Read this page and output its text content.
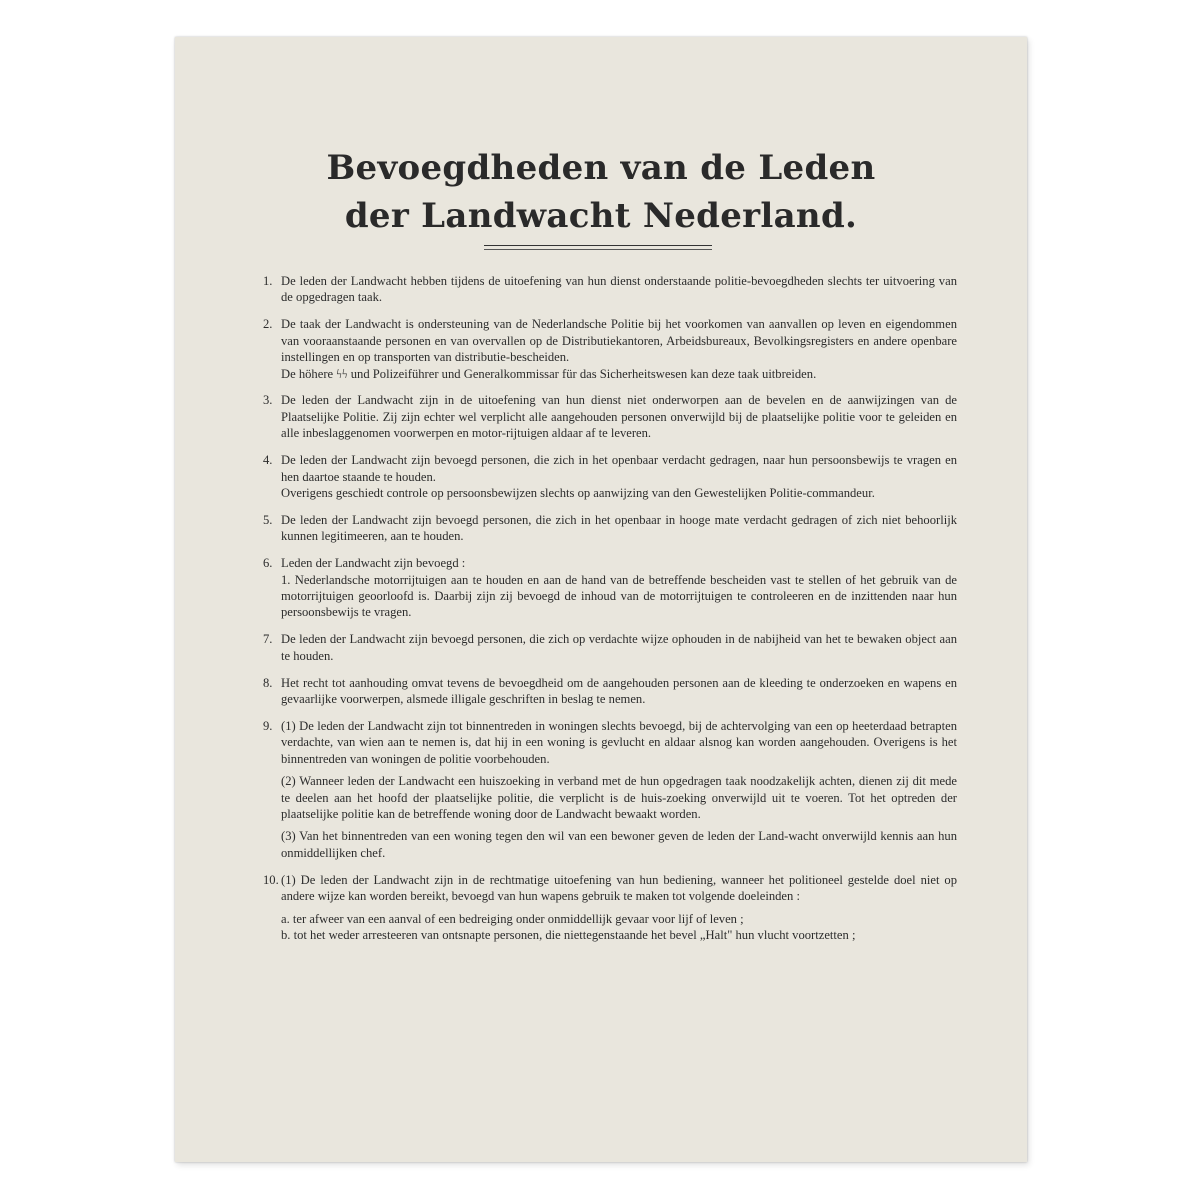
Bevoegdheden van de Leden
der Landwacht Nederland.
1. De leden der Landwacht hebben tijdens de uitoefening van hun dienst onderstaande politie-bevoegdheden slechts ter uitvoering van de opgedragen taak.

2. De taak der Landwacht is ondersteuning van de Nederlandsche Politie bij het voorkomen van aanvallen op leven en eigendommen van vooraanstaande personen en van overvallen op de Distributiekantoren, Arbeidsbureaux, Bevolkingsregisters en andere openbare instellingen en op transporten van distributie-bescheiden.

De höhere ϟϟ und Polizeiführer und Generalkommissar für das Sicherheitswesen kan deze taak uitbreiden.

3. De leden der Landwacht zijn in de uitoefening van hun dienst niet onderworpen aan de bevelen en de aanwijzingen van de Plaatselijke Politie. Zij zijn echter wel verplicht alle aangehouden personen onverwijld bij de plaatselijke politie voor te geleiden en alle inbeslaggenomen voorwerpen en motor-rijtuigen aldaar af te leveren.

4. De leden der Landwacht zijn bevoegd personen, die zich in het openbaar verdacht gedragen, naar hun persoonsbewijs te vragen en hen daartoe staande te houden.

Overigens geschiedt controle op persoonsbewijzen slechts op aanwijzing van den Gewestelijken Politie-commandeur.

5. De leden der Landwacht zijn bevoegd personen, die zich in het openbaar in hooge mate verdacht gedragen of zich niet behoorlijk kunnen legitimeeren, aan te houden.

6. Leden der Landwacht zijn bevoegd :

1. Nederlandsche motorrijtuigen aan te houden en aan de hand van de betreffende bescheiden vast te stellen of het gebruik van de motorrijtuigen geoorloofd is. Daarbij zijn zij bevoegd de inhoud van de motorrijtuigen te controleeren en de inzittenden naar hun persoonsbewijs te vragen.

7. De leden der Landwacht zijn bevoegd personen, die zich op verdachte wijze ophouden in de nabijheid van het te bewaken object aan te houden.

8. Het recht tot aanhouding omvat tevens de bevoegdheid om de aangehouden personen aan de kleeding te onderzoeken en wapens en gevaarlijke voorwerpen, alsmede illigale geschriften in beslag te nemen.

9. (1) De leden der Landwacht zijn tot binnentreden in woningen slechts bevoegd, bij de achtervolging van een op heeterdaad betrapten verdachte, van wien aan te nemen is, dat hij in een woning is gevlucht en aldaar alsnog kan worden aangehouden. Overigens is het binnentreden van woningen de politie voorbehouden.

(2) Wanneer leden der Landwacht een huiszoeking in verband met de hun opgedragen taak noodzakelijk achten, dienen zij dit mede te deelen aan het hoofd der plaatselijke politie, die verplicht is de huis-zoeking onverwijld uit te voeren. Tot het optreden der plaatselijke politie kan de betreffende woning door de Landwacht bewaakt worden.

(3) Van het binnentreden van een woning tegen den wil van een bewoner geven de leden der Land-wacht onverwijld kennis aan hun onmiddellijken chef.

10. (1) De leden der Landwacht zijn in de rechtmatige uitoefening van hun bediening, wanneer het politioneel gestelde doel niet op andere wijze kan worden bereikt, bevoegd van hun wapens gebruik te maken tot volgende doeleinden :

a. ter afweer van een aanval of een bedreiging onder onmiddellijk gevaar voor lijf of leven ;

b. tot het weder arresteeren van ontsnapte personen, die niettegenstaande het bevel „Halt" hun vlucht voortzetten ;
